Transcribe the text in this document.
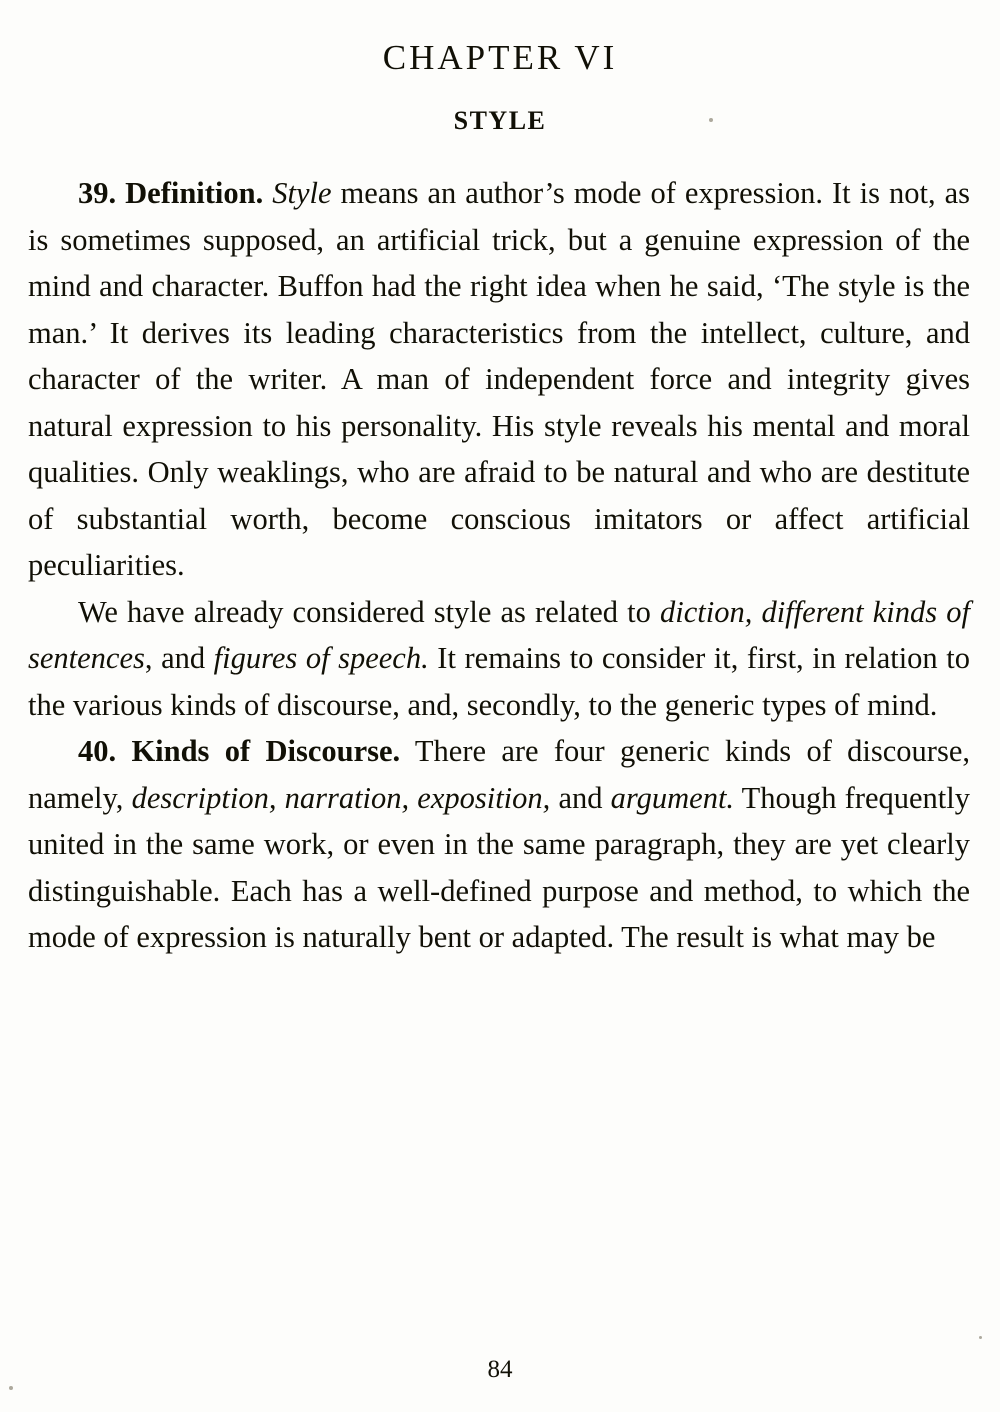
CHAPTER VI
STYLE

39. Definition. Style means an author’s mode of expression. It is not, as is sometimes supposed, an artificial trick, but a genuine expression of the mind and character. Buffon had the right idea when he said, ‘The style is the man.’ It derives its leading characteristics from the intellect, culture, and character of the writer. A man of independent force and integrity gives natural expression to his personality. His style reveals his mental and moral qualities. Only weaklings, who are afraid to be natural and who are destitute of substantial worth, become conscious imitators or affect artificial peculiarities.

We have already considered style as related to diction, different kinds of sentences, and figures of speech. It remains to consider it, first, in relation to the various kinds of discourse, and, secondly, to the generic types of mind.

40. Kinds of Discourse. There are four generic kinds of discourse, namely, description, narration, exposition, and argument. Though frequently united in the same work, or even in the same paragraph, they are yet clearly distinguishable. Each has a well-defined purpose and method, to which the mode of expression is naturally bent or adapted. The result is what may be

84
